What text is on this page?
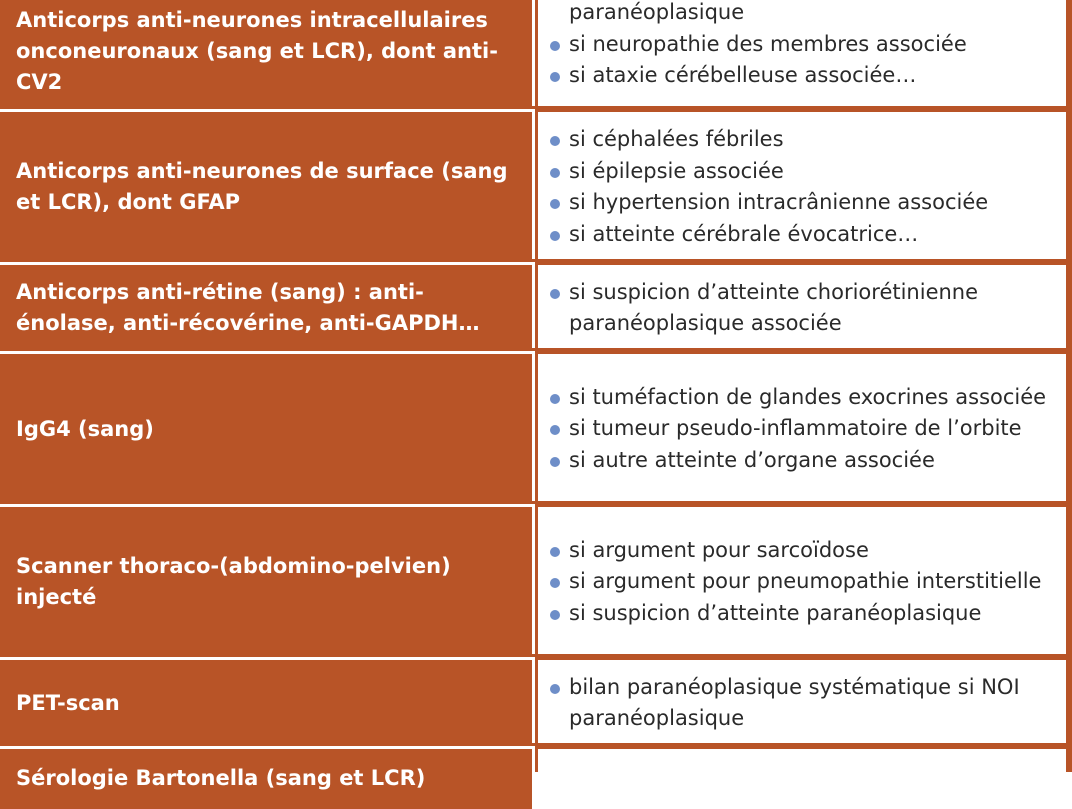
Anticorps anti-neurones intracellulaires onconeuronaux (sang et LCR), dont anti-CV2
paranéoplasique
si neuropathie des membres associée
si ataxie cérébelleuse associée…
Anticorps anti-neurones de surface (sang et LCR), dont GFAP
si céphalées fébriles
si épilepsie associée
si hypertension intracrânienne associée
si atteinte cérébrale évocatrice…
Anticorps anti-rétine (sang) : anti-énolase, anti-récovérine, anti-GAPDH…
si suspicion d’atteinte choriorétinienne paranéoplasique associée
IgG4 (sang)
si tuméfaction de glandes exocrines associée
si tumeur pseudo-inflammatoire de l’orbite
si autre atteinte d’organe associée
Scanner thoraco-(abdomino-pelvien) injecté
si argument pour sarcoïdose
si argument pour pneumopathie interstitielle
si suspicion d’atteinte paranéoplasique
PET-scan
bilan paranéoplasique systématique si NOI paranéoplasique
Sérologie Bartonella (sang et LCR)
